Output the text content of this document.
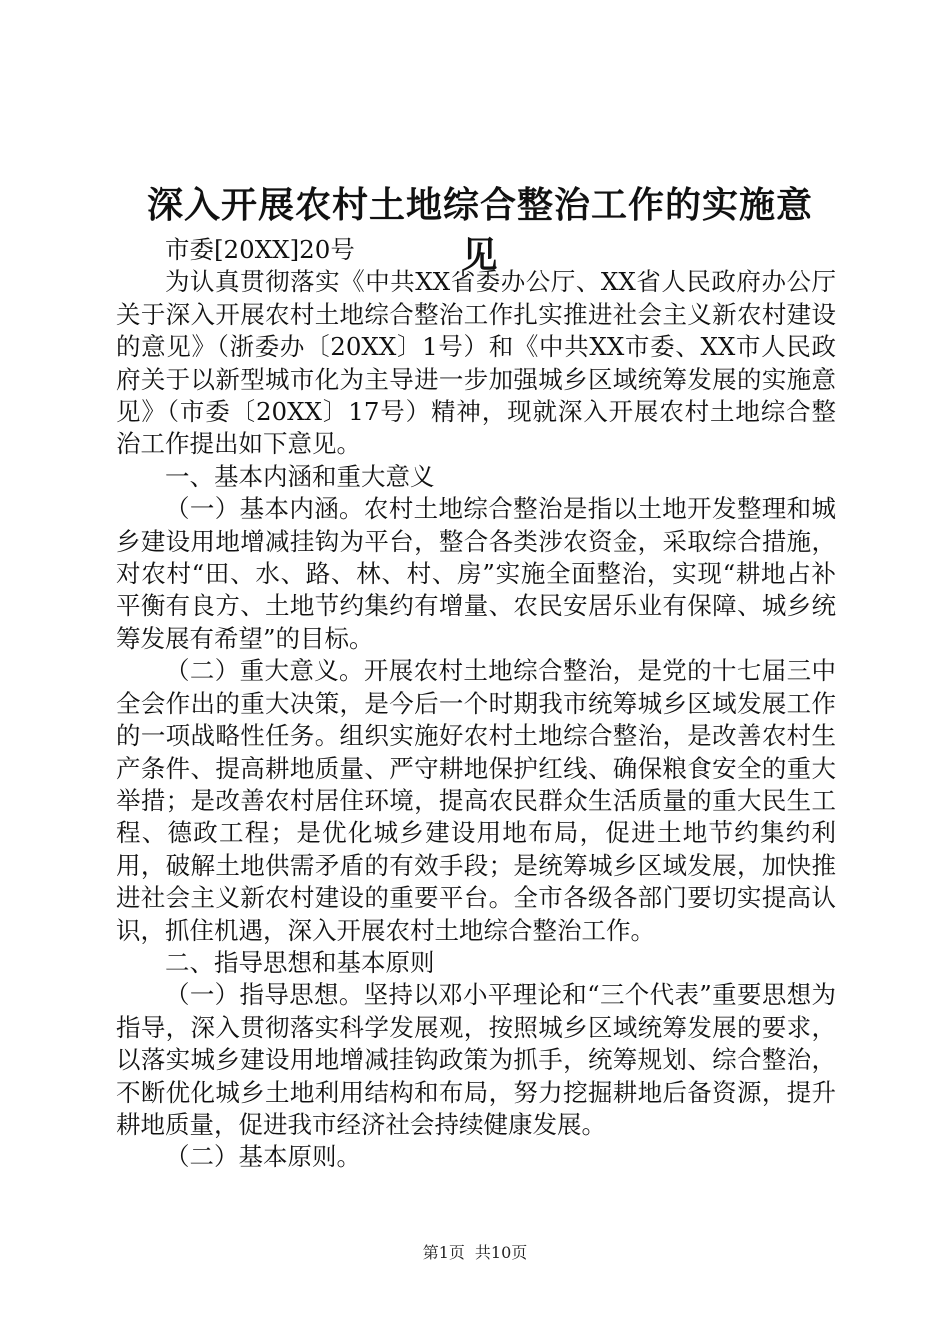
深入开展农村土地综合整治工作的实施意见

市委[20XX]20号

为认真贯彻落实《中共XX省委办公厅、XX省人民政府办公厅关于深入开展农村土地综合整治工作扎实推进社会主义新农村建设的意见》（浙委办〔20XX〕1号）和《中共XX市委、XX市人民政府关于以新型城市化为主导进一步加强城乡区域统筹发展的实施意见》（市委〔20XX〕17号）精神，现就深入开展农村土地综合整治工作提出如下意见。

一、基本内涵和重大意义

（一）基本内涵。农村土地综合整治是指以土地开发整理和城乡建设用地增减挂钩为平台，整合各类涉农资金，采取综合措施，对农村“田、水、路、林、村、房”实施全面整治，实现“耕地占补平衡有良方、土地节约集约有增量、农民安居乐业有保障、城乡统筹发展有希望”的目标。

（二）重大意义。开展农村土地综合整治，是党的十七届三中全会作出的重大决策，是今后一个时期我市统筹城乡区域发展工作的一项战略性任务。组织实施好农村土地综合整治，是改善农村生产条件、提高耕地质量、严守耕地保护红线、确保粮食安全的重大举措；是改善农村居住环境，提高农民群众生活质量的重大民生工程、德政工程；是优化城乡建设用地布局，促进土地节约集约利用，破解土地供需矛盾的有效手段；是统筹城乡区域发展，加快推进社会主义新农村建设的重要平台。全市各级各部门要切实提高认识，抓住机遇，深入开展农村土地综合整治工作。

二、指导思想和基本原则

（一）指导思想。坚持以邓小平理论和“三个代表”重要思想为指导，深入贯彻落实科学发展观，按照城乡区域统筹发展的要求，以落实城乡建设用地增减挂钩政策为抓手，统筹规划、综合整治，不断优化城乡土地利用结构和布局，努力挖掘耕地后备资源，提升耕地质量，促进我市经济社会持续健康发展。

（二）基本原则。

第1页 共10页
